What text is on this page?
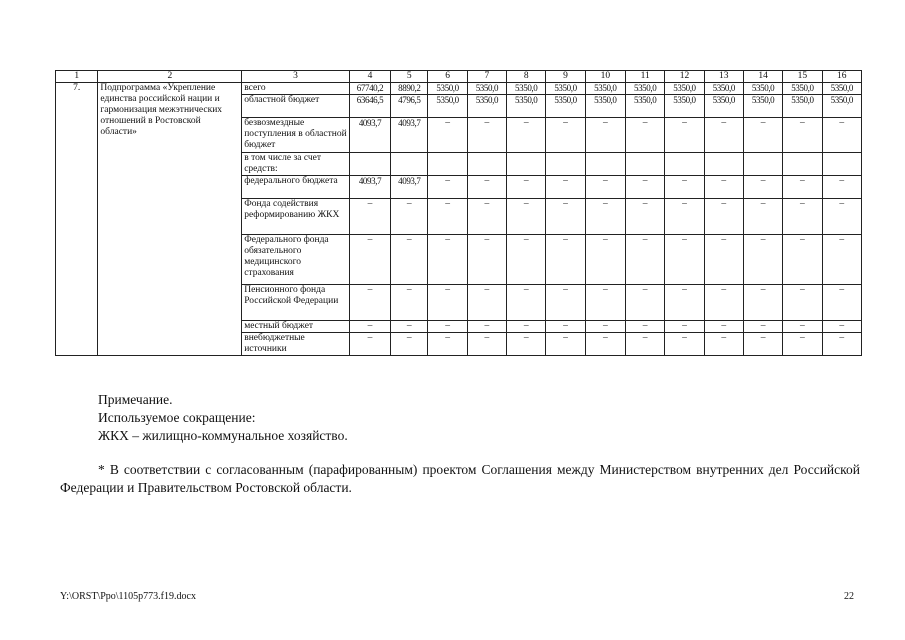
1	2	3	4	5	6	7	8	9	10	11	12	13	14	15	16
7.	Подпрограмма «Укрепление единства российской нации и гармонизация межэтнических отношений в Ростовской области»	всего	67740,2	8890,2	5350,0	5350,0	5350,0	5350,0	5350,0	5350,0	5350,0	5350,0	5350,0	5350,0	5350,0
		областной бюджет	63646,5	4796,5	5350,0	5350,0	5350,0	5350,0	5350,0	5350,0	5350,0	5350,0	5350,0	5350,0	5350,0
		безвозмездные поступления в областной бюджет	4093,7	4093,7	–	–	–	–	–	–	–	–	–	–	–
		в том числе за счет средств:													
		федерального бюджета	4093,7	4093,7	–	–	–	–	–	–	–	–	–	–	–
		Фонда содействия реформированию ЖКХ	–	–	–	–	–	–	–	–	–	–	–	–	–
		Федерального фонда обязательного медицинского страхования	–	–	–	–	–	–	–	–	–	–	–	–	–
		Пенсионного фонда Российской Федерации	–	–	–	–	–	–	–	–	–	–	–	–	–
		местный бюджет	–	–	–	–	–	–	–	–	–	–	–	–	–
		внебюджетные источники	–	–	–	–	–	–	–	–	–	–	–	–	–
Примечание.
Используемое сокращение:
ЖКХ – жилищно-коммунальное хозяйство.
* В соответствии с согласованным (парафированным) проектом Соглашения между Министерством внутренних дел Российской Федерации и Правительством Ростовской области.
Y:\ORST\Ppo\1105p773.f19.docx	22
